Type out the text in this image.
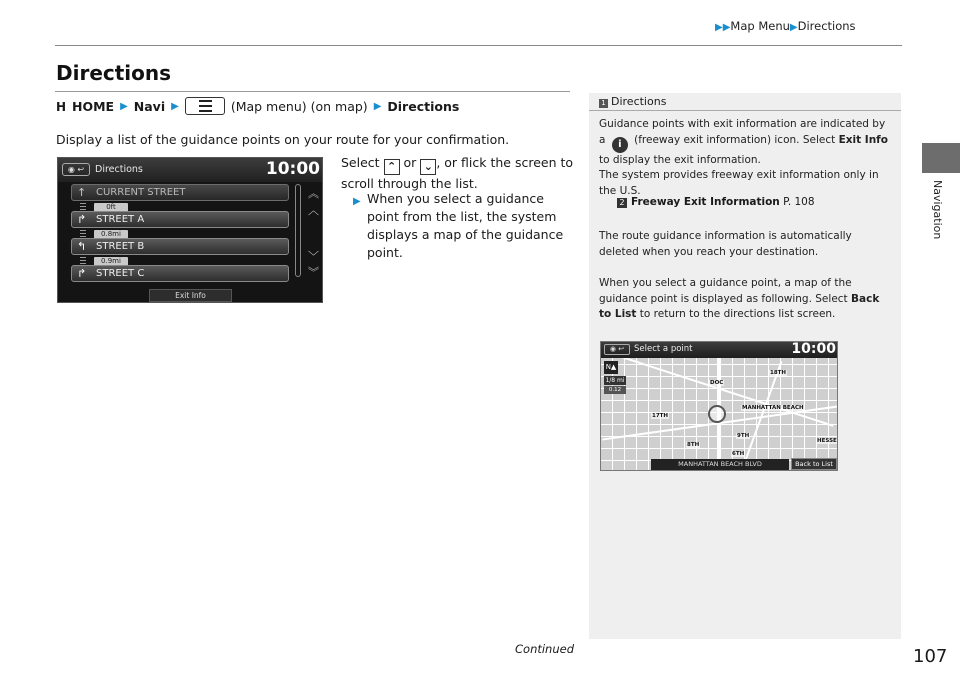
▶▶Map Menu▶Directions
Navigation
Directions
H HOME ▶ Navi ▶	(Map menu) (on map) ▶ Directions
Display a list of the guidance points on your route for your confirmation.
Select ⌃ or ⌄ , or flick the screen to scroll through the list.
▶ When you select a guidance point from the list, the system displays a map of the guidance point.

◉ ↩	Directions	10:00
↑ CURRENT STREET
0ft
↱ STREET A
0.8mi
↰ STREET B
0.9mi
↱ STREET C
︽
︿
﹀
︾
Exit Info
1 Directions
Guidance points with exit information are indicated by a i (freeway exit information) icon. Select Exit Info to display the exit information.
The system provides freeway exit information only in the U.S.
2 Freeway Exit Information P. 108
The route guidance information is automatically deleted when you reach your destination.
When you select a guidance point, a map of the guidance point is displayed as following. Select Back to List to return to the directions list screen.
18TH
MANHATTAN BEACH
17TH
9TH
8TH
6TH
HESSE
DOC
◉ ↩	Select a point	10:00
N▲
1/8 mi
0.12
MANHATTAN BEACH BLVD	Back to List
Continued	107
